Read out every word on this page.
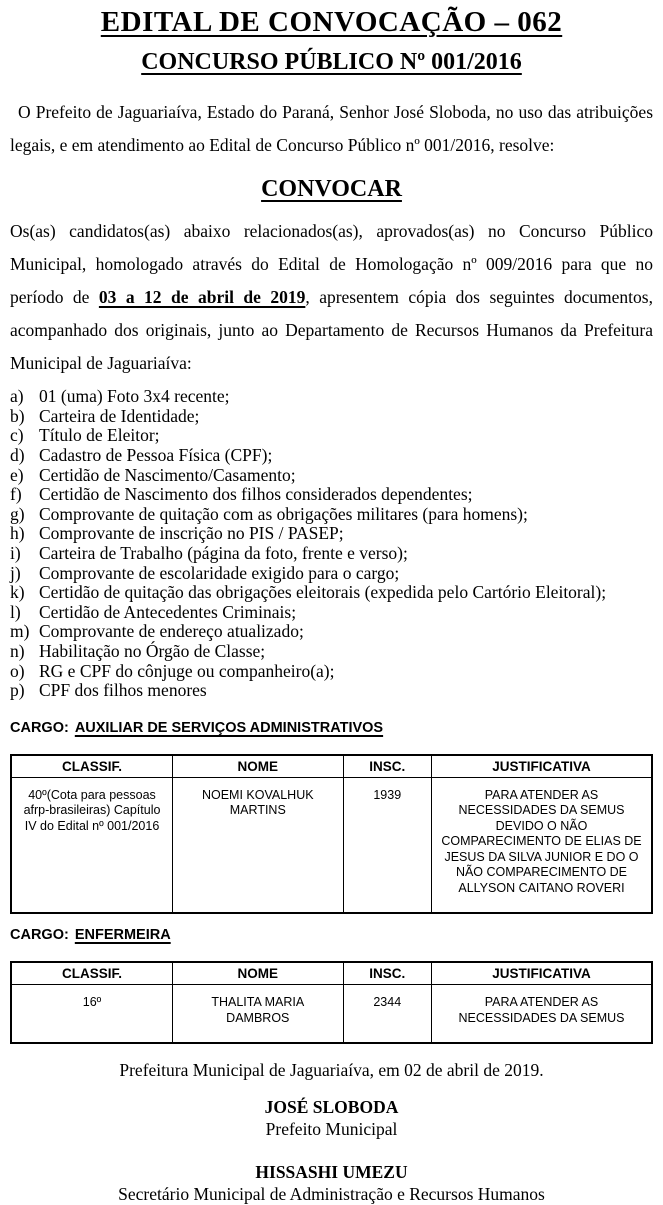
EDITAL DE CONVOCAÇÃO – 062
CONCURSO PÚBLICO Nº 001/2016

O Prefeito de Jaguariaíva, Estado do Paraná, Senhor José Sloboda, no uso das atribuições legais, e em atendimento ao Edital de Concurso Público nº 001/2016, resolve:

CONVOCAR

Os(as) candidatos(as) abaixo relacionados(as), aprovados(as) no Concurso Público Municipal, homologado através do Edital de Homologação nº 009/2016 para que no período de 03 a 12 de abril de 2019, apresentem cópia dos seguintes documentos, acompanhado dos originais, junto ao Departamento de Recursos Humanos da Prefeitura Municipal de Jaguariaíva:

a) 01 (uma) Foto 3x4 recente;
b) Carteira de Identidade;
c) Título de Eleitor;
d) Cadastro de Pessoa Física (CPF);
e) Certidão de Nascimento/Casamento;
f) Certidão de Nascimento dos filhos considerados dependentes;
g) Comprovante de quitação com as obrigações militares (para homens);
h) Comprovante de inscrição no PIS / PASEP;
i)	Carteira de Trabalho (página da foto, frente e verso);
j)	Comprovante de escolaridade exigido para o cargo;
k) Certidão de quitação das obrigações eleitorais (expedida pelo Cartório Eleitoral);
l)	Certidão de Antecedentes Criminais;
m) Comprovante de endereço atualizado;
n) Habilitação no Órgão de Classe;
o) RG e CPF do cônjuge ou companheiro(a);
p) CPF dos filhos menores
CARGO: AUXILIAR DE SERVIÇOS ADMINISTRATIVOS
CLASSIF.	NOME	INSC.	JUSTIFICATIVA
40º(Cota para pessoas afrp-brasileiras) Capítulo IV do Edital nº 001/2016	NOEMI KOVALHUK MARTINS	1939	PARA ATENDER AS NECESSIDADES DA SEMUS DEVIDO O NÃO COMPARECIMENTO DE ELIAS DE JESUS DA SILVA JUNIOR E DO O NÃO COMPARECIMENTO DE ALLYSON CAITANO ROVERI
CARGO: ENFERMEIRA
CLASSIF.	NOME	INSC.	JUSTIFICATIVA
16º	THALITA MARIA DAMBROS	2344	PARA ATENDER AS NECESSIDADES DA SEMUS

Prefeitura Municipal de Jaguariaíva, em 02 de abril de 2019.

JOSÉ SLOBODA
Prefeito Municipal
HISSASHI UMEZU
Secretário Municipal de Administração e Recursos Humanos
